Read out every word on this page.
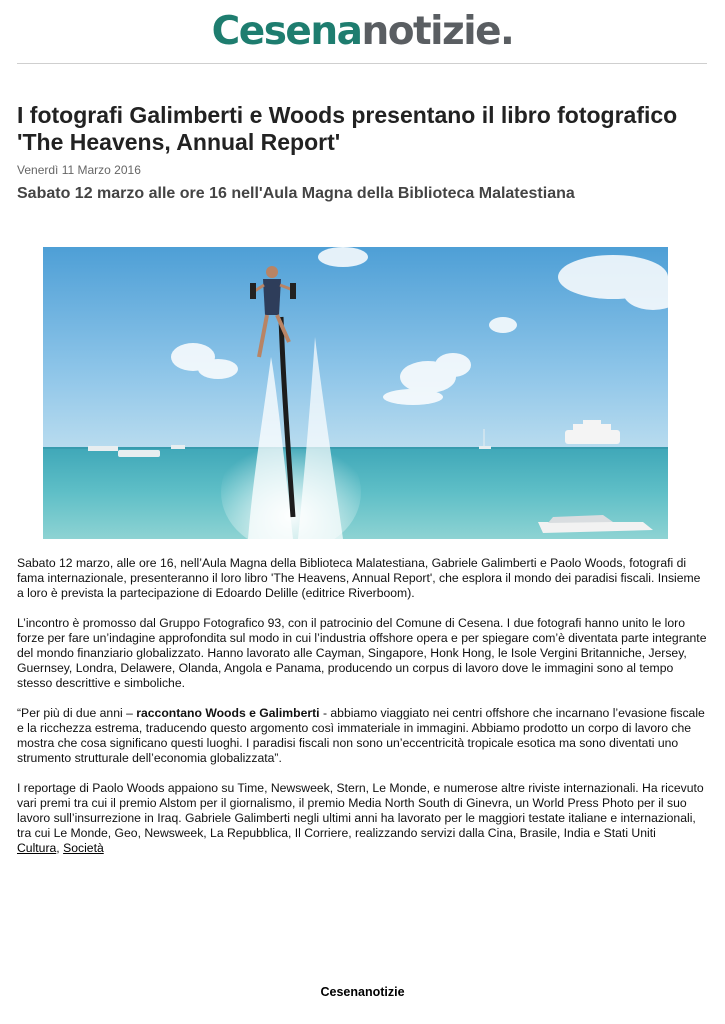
Cesenanotizie.
I fotografi Galimberti e Woods presentano il libro fotografico 'The Heavens, Annual Report'
Venerdì 11 Marzo 2016
Sabato 12 marzo alle ore 16 nell'Aula Magna della Biblioteca Malatestiana

Sabato 12 marzo, alle ore 16, nell’Aula Magna della Biblioteca Malatestiana, Gabriele Galimberti e Paolo Woods, fotografi di fama internazionale, presenteranno il loro libro 'The Heavens, Annual Report', che esplora il mondo dei paradisi fiscali. Insieme a loro è prevista la partecipazione di Edoardo Delille (editrice Riverboom).

L’incontro è promosso dal Gruppo Fotografico 93, con il patrocinio del Comune di Cesena. I due fotografi hanno unito le loro forze per fare un’indagine approfondita sul modo in cui l’industria offshore opera e per spiegare com’è diventata parte integrante del mondo finanziario globalizzato. Hanno lavorato alle Cayman, Singapore, Honk Hong, le Isole Vergini Britanniche, Jersey, Guernsey, Londra, Delawere, Olanda, Angola e Panama, producendo un corpus di lavoro dove le immagini sono al tempo stesso descrittive e simboliche.

“Per più di due anni – raccontano Woods e Galimberti - abbiamo viaggiato nei centri offshore che incarnano l’evasione fiscale e la ricchezza estrema, traducendo questo argomento così immateriale in immagini. Abbiamo prodotto un corpo di lavoro che mostra che cosa significano questi luoghi. I paradisi fiscali non sono un’eccentricità tropicale esotica ma sono diventati uno strumento strutturale dell’economia globalizzata”.

I reportage di Paolo Woods appaiono su Time, Newsweek, Stern, Le Monde, e numerose altre riviste internazionali. Ha ricevuto vari premi tra cui il premio Alstom per il giornalismo, il premio Media North South di Ginevra, un World Press Photo per il suo lavoro sull’insurrezione in Iraq. Gabriele Galimberti negli ultimi anni ha lavorato per le maggiori testate italiane e internazionali, tra cui Le Monde, Geo, Newsweek, La Repubblica, Il Corriere, realizzando servizi dalla Cina, Brasile, India e Stati Uniti

Cultura, Società
Cesenanotizie
